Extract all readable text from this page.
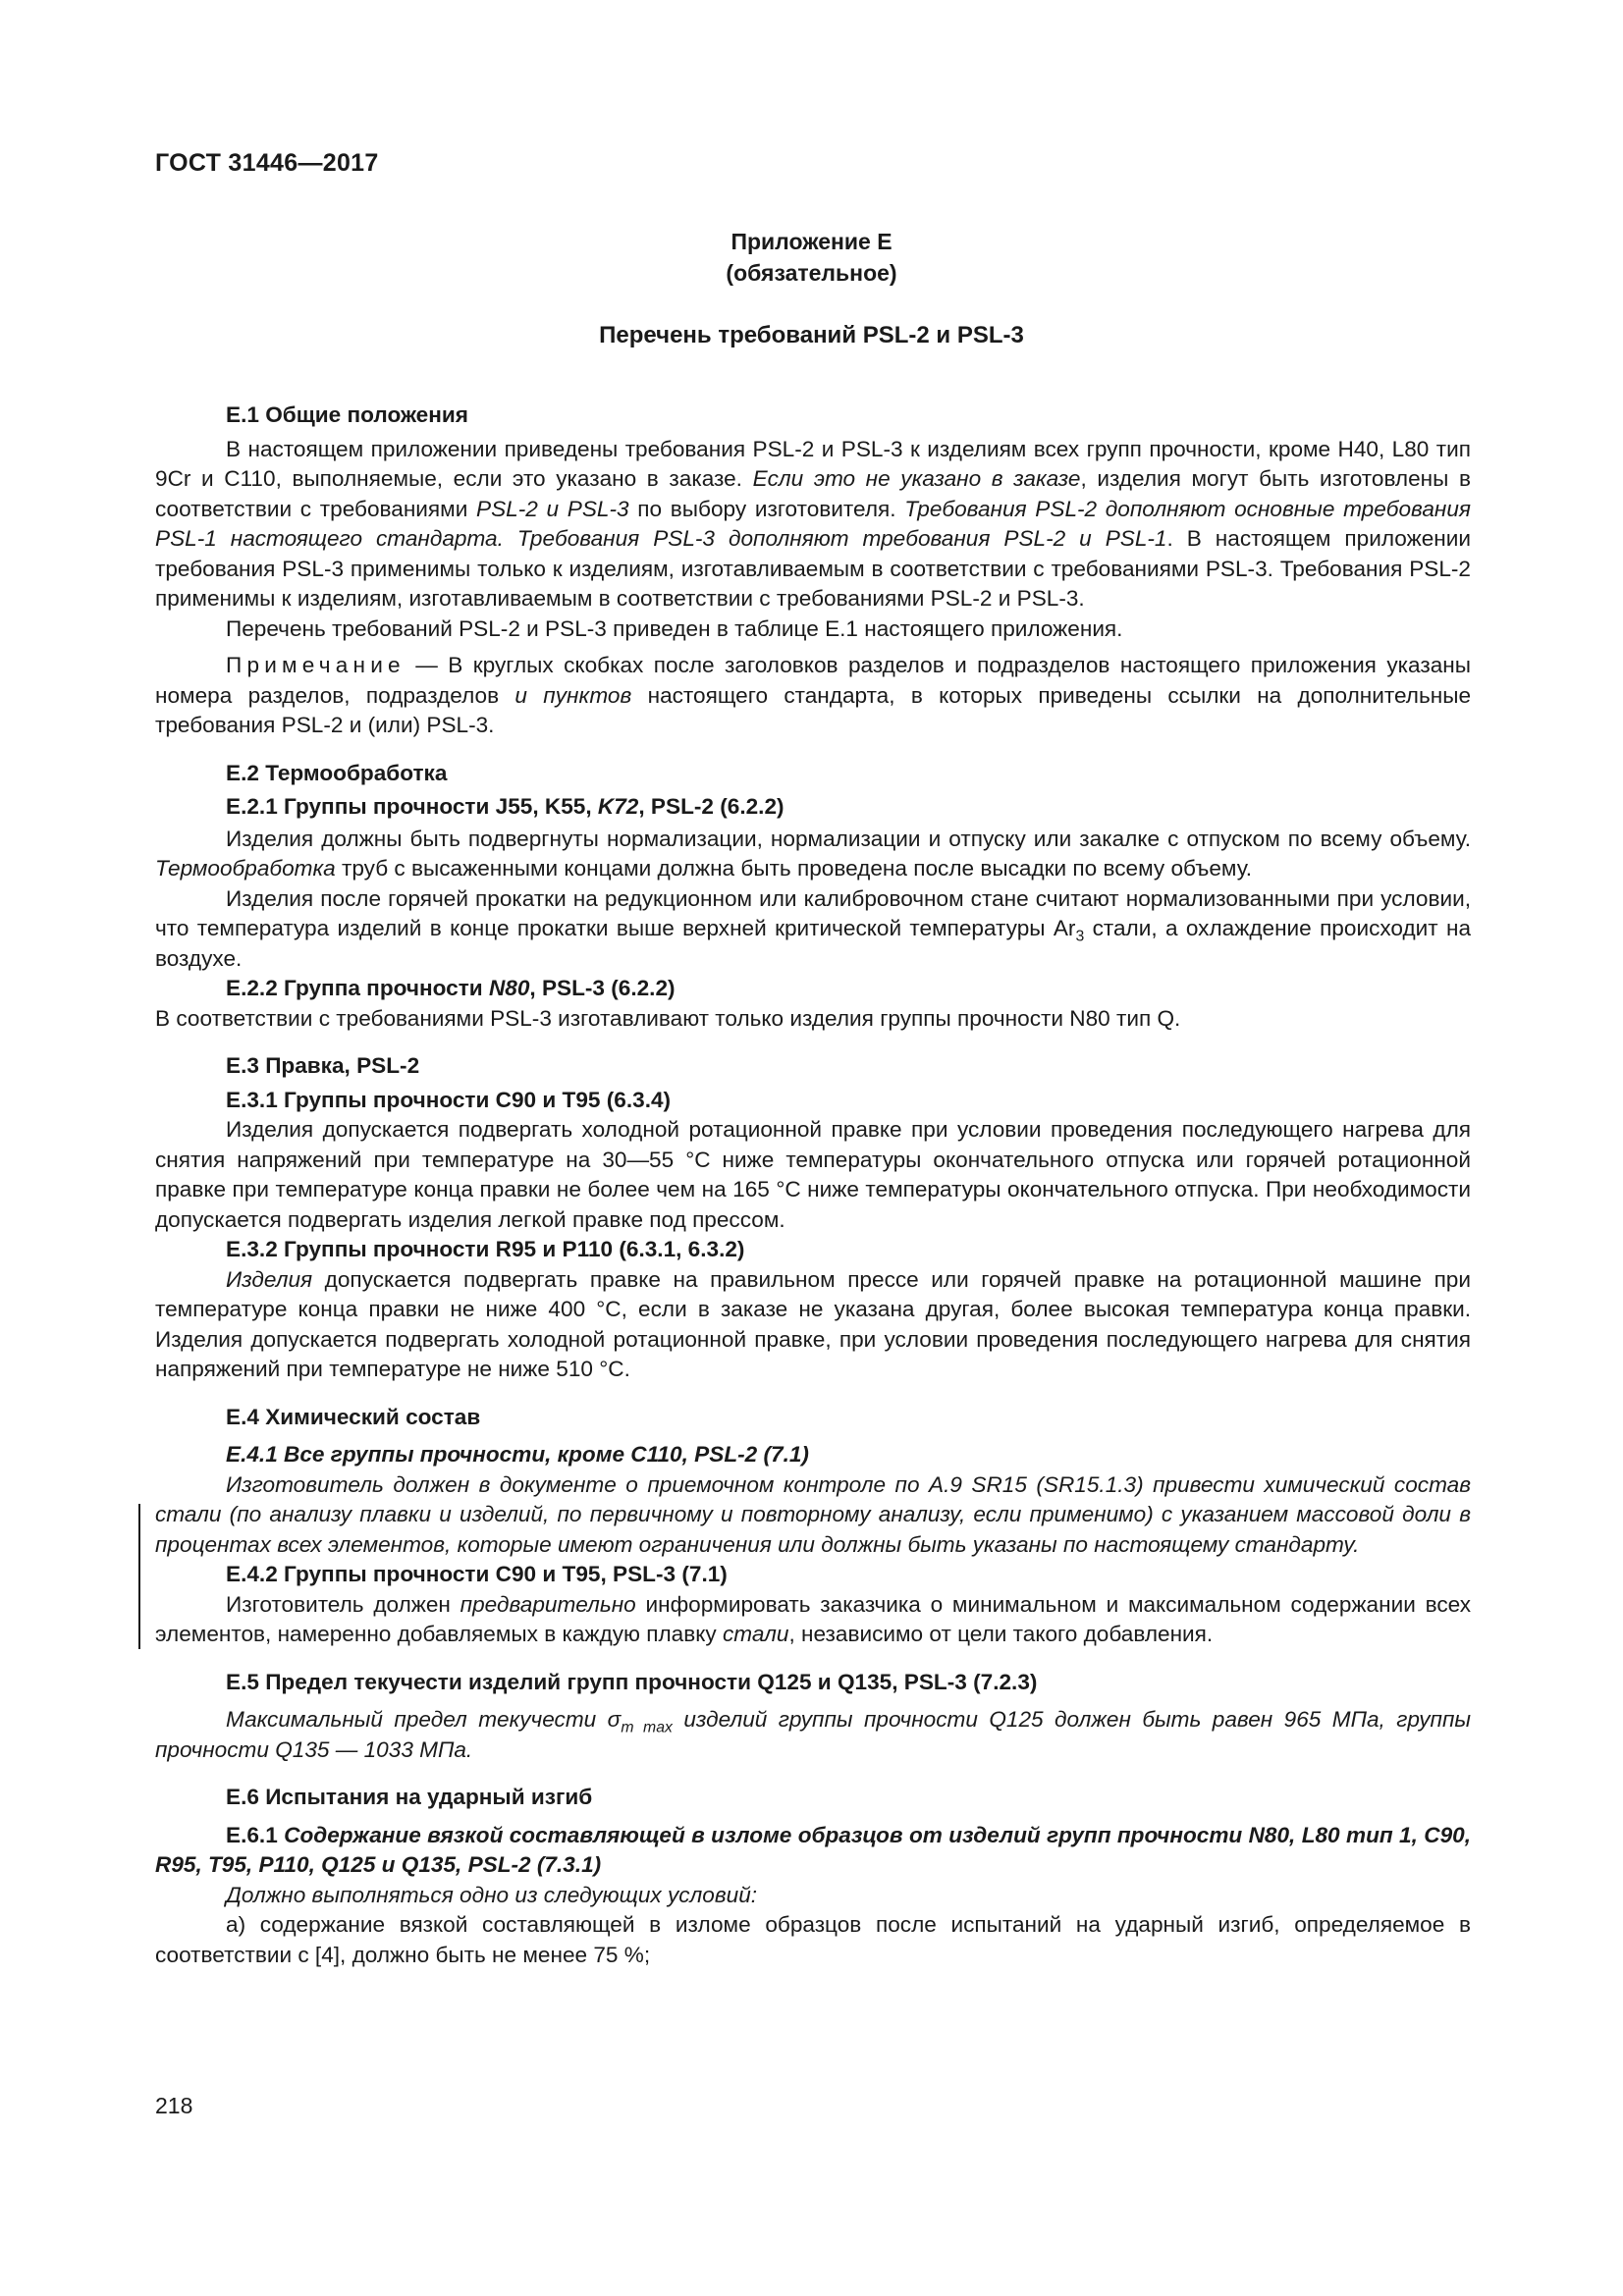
ГОСТ 31446—2017
Приложение Е
(обязательное)
Перечень требований PSL-2 и PSL-3

Е.1 Общие положения

В настоящем приложении приведены требования PSL-2 и PSL-3 к изделиям всех групп прочности, кроме Н40, L80 тип 9Cr и С110, выполняемые, если это указано в заказе. Если это не указано в заказе, изделия могут быть изготовлены в соответствии с требованиями PSL-2 и PSL-3 по выбору изготовителя. Требования PSL-2 дополняют основные требования PSL-1 настоящего стандарта. Требования PSL-3 дополняют требования PSL-2 и PSL-1. В настоящем приложении требования PSL-3 применимы только к изделиям, изготавливаемым в соответствии с требованиями PSL-3. Требования PSL-2 применимы к изделиям, изготавливаемым в соответствии с требованиями PSL-2 и PSL-3.

Перечень требований PSL-2 и PSL-3 приведен в таблице Е.1 настоящего приложения.

Примечание — В круглых скобках после заголовков разделов и подразделов настоящего приложения указаны номера разделов, подразделов и пунктов настоящего стандарта, в которых приведены ссылки на дополнительные требования PSL-2 и (или) PSL-3.

Е.2 Термообработка

Е.2.1 Группы прочности J55, K55, K72, PSL-2 (6.2.2)

Изделия должны быть подвергнуты нормализации, нормализации и отпуску или закалке с отпуском по всему объему. Термообработка труб с высаженными концами должна быть проведена после высадки по всему объему.

Изделия после горячей прокатки на редукционном или калибровочном стане считают нормализованными при условии, что температура изделий в конце прокатки выше верхней критической температуры $Ar_3$ стали, а охлаждение происходит на воздухе.

Е.2.2 Группа прочности N80, PSL-3 (6.2.2)

В соответствии с требованиями PSL-3 изготавливают только изделия группы прочности N80 тип Q.

Е.3 Правка, PSL-2

Е.3.1 Группы прочности С90 и Т95 (6.3.4)

Изделия допускается подвергать холодной ротационной правке при условии проведения последующего нагрева для снятия напряжений при температуре на 30—55 °С ниже температуры окончательного отпуска или горячей ротационной правке при температуре конца правки не более чем на 165 °С ниже температуры окончательного отпуска. При необходимости допускается подвергать изделия легкой правке под прессом.

Е.3.2 Группы прочности R95 и Р110 (6.3.1, 6.3.2)

Изделия допускается подвергать правке на правильном прессе или горячей правке на ротационной машине при температуре конца правки не ниже 400 °С, если в заказе не указана другая, более высокая температура конца правки. Изделия допускается подвергать холодной ротационной правке, при условии проведения последующего нагрева для снятия напряжений при температуре не ниже 510 °С.

Е.4 Химический состав

Е.4.1 Все группы прочности, кроме С110, PSL-2 (7.1)

Изготовитель должен в документе о приемочном контроле по А.9 SR15 (SR15.1.3) привести химический состав стали (по анализу плавки и изделий, по первичному и повторному анализу, если применимо) с указанием массовой доли в процентах всех элементов, которые имеют ограничения или должны быть указаны по настоящему стандарту.

Е.4.2 Группы прочности С90 и Т95, PSL-3 (7.1)

Изготовитель должен предварительно информировать заказчика о минимальном и максимальном содержании всех элементов, намеренно добавляемых в каждую плавку стали, независимо от цели такого добавления.

Е.5 Предел текучести изделий групп прочности Q125 и Q135, PSL-3 (7.2.3)

Максимальный предел текучести $\sigma_{т max}$ изделий группы прочности Q125 должен быть равен 965 МПа, группы прочности Q135 — 1033 МПа.

Е.6 Испытания на ударный изгиб

Е.6.1 Содержание вязкой составляющей в изломе образцов от изделий групп прочности N80, L80 тип 1, С90, R95, Т95, Р110, Q125 и Q135, PSL-2 (7.3.1)

Должно выполняться одно из следующих условий:

а) содержание вязкой составляющей в изломе образцов после испытаний на ударный изгиб, определяемое в соответствии с [4], должно быть не менее 75 %;

218
